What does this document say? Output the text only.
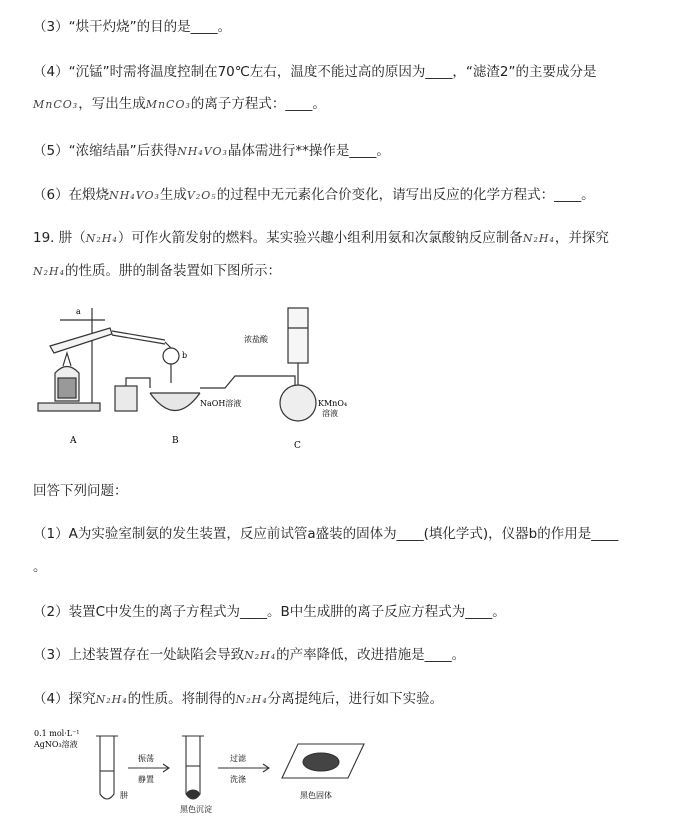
（3）“烘干灼烧”的目的是____。
（4）“沉锰”时需将温度控制在70℃左右，温度不能过高的原因为____，“滤渣2”的主要成分是
MnCO₃，写出生成MnCO₃的离子方程式：____。
（5）“浓缩结晶”后获得NH₄VO₃晶体需进行**操作是____。
（6）在煅烧NH₄VO₃生成V₂O₅的过程中无元素化合价变化，请写出反应的化学方程式：____。
19. 肼（N₂H₄）可作火箭发射的燃料。某实验兴趣小组利用氨和次氯酸钠反应制备N₂H₄，并探究
N₂H₄的性质。肼的制备装置如下图所示：
a
b
A	B	C
NaOH溶液
浓盐酸
KMnO₄
溶液
回答下列问题：
（1）A为实验室制氨的发生装置，反应前试管a盛装的固体为____(填化学式)，仪器b的作用是____
。
（2）装置C中发生的离子方程式为____。B中生成肼的离子反应方程式为____。
（3）上述装置存在一处缺陷会导致N₂H₄的产率降低，改进措施是____。
（4）探究N₂H₄的性质。将制得的N₂H₄分离提纯后，进行如下实验。
0.1 mol·L⁻¹
AgNO₃溶液
振荡
静置
过滤
洗涤
肼
黑色沉淀
黑色固体
